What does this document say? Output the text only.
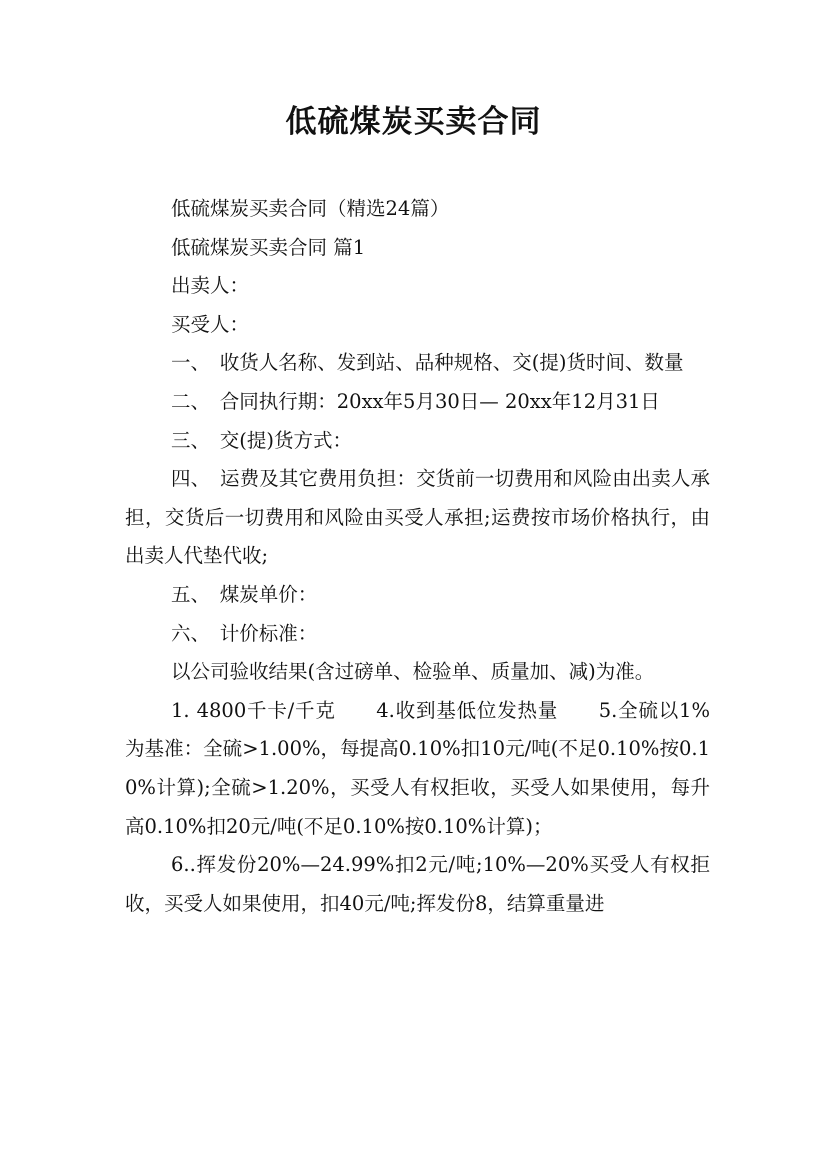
低硫煤炭买卖合同

低硫煤炭买卖合同（精选24篇）

低硫煤炭买卖合同 篇1

出卖人：

买受人：

一、　收货人名称、发到站、品种规格、交(提)货时间、数量

二、　合同执行期：20xx年5月30日— 20xx年12月31日

三、　交(提)货方式：

四、　运费及其它费用负担：交货前一切费用和风险由出卖人承担，交货后一切费用和风险由买受人承担;运费按市场价格执行，由出卖人代垫代收;

五、　煤炭单价：

六、　计价标准：

以公司验收结果(含过磅单、检验单、质量加、减)为准。

1. 4800千卡/千克　　4.收到基低位发热量　　5.全硫以1%为基准：全硫>1.00%，每提高0.10%扣10元/吨(不足0.10%按0.10%计算);全硫>1.20%，买受人有权拒收，买受人如果使用，每升高0.10%扣20元/吨(不足0.10%按0.10%计算)；

6..挥发份20%—24.99%扣2元/吨;10%—20%买受人有权拒收，买受人如果使用，扣40元/吨;挥发份8，结算重量进
